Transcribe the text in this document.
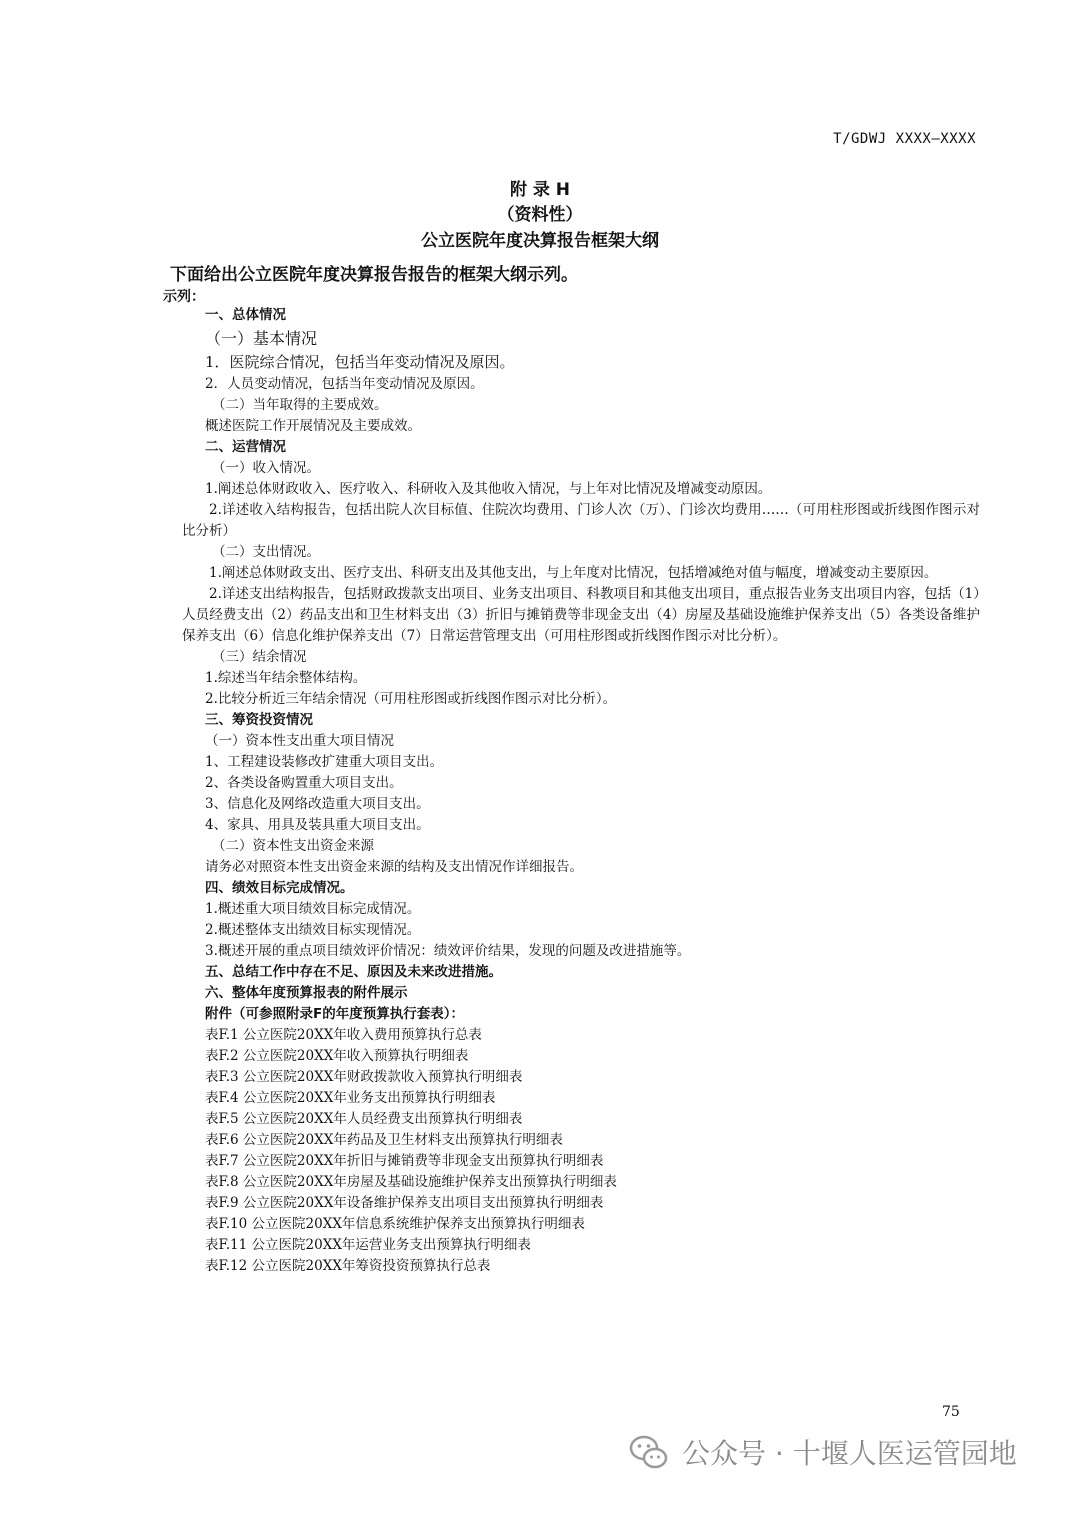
T/GDWJ XXXX—XXXX
附 录 H
（资料性）
公立医院年度决算报告框架大纲
下面给出公立医院年度决算报告报告的框架大纲示列。
示列：
一、总体情况
（一）基本情况
1．医院综合情况，包括当年变动情况及原因。
2．人员变动情况，包括当年变动情况及原因。
（二）当年取得的主要成效。
概述医院工作开展情况及主要成效。
二、运营情况
（一）收入情况。
1.阐述总体财政收入、医疗收入、科研收入及其他收入情况，与上年对比情况及增减变动原因。
2.详述收入结构报告，包括出院人次目标值、住院次均费用、门诊人次（万）、门诊次均费用……（可用柱形图或折线图作图示对比分析）
（二）支出情况。
1.阐述总体财政支出、医疗支出、科研支出及其他支出，与上年度对比情况，包括增减绝对值与幅度，增减变动主要原因。
2.详述支出结构报告，包括财政拨款支出项目、业务支出项目、科教项目和其他支出项目，重点报告业务支出项目内容，包括（1）人员经费支出（2）药品支出和卫生材料支出（3）折旧与摊销费等非现金支出（4）房屋及基础设施维护保养支出（5）各类设备维护保养支出（6）信息化维护保养支出（7）日常运营管理支出（可用柱形图或折线图作图示对比分析）。
（三）结余情况
1.综述当年结余整体结构。
2.比较分析近三年结余情况（可用柱形图或折线图作图示对比分析）。
三、筹资投资情况
（一）资本性支出重大项目情况
1、工程建设装修改扩建重大项目支出。
2、各类设备购置重大项目支出。
3、信息化及网络改造重大项目支出。
4、家具、用具及装具重大项目支出。
（二）资本性支出资金来源
请务必对照资本性支出资金来源的结构及支出情况作详细报告。
四、绩效目标完成情况。
1.概述重大项目绩效目标完成情况。
2.概述整体支出绩效目标实现情况。
3.概述开展的重点项目绩效评价情况：绩效评价结果，发现的问题及改进措施等。
五、总结工作中存在不足、原因及未来改进措施。
六、整体年度预算报表的附件展示
附件（可参照附录F的年度预算执行套表）：
表F.1 公立医院20XX年收入费用预算执行总表
表F.2 公立医院20XX年收入预算执行明细表
表F.3 公立医院20XX年财政拨款收入预算执行明细表
表F.4 公立医院20XX年业务支出预算执行明细表
表F.5 公立医院20XX年人员经费支出预算执行明细表
表F.6 公立医院20XX年药品及卫生材料支出预算执行明细表
表F.7 公立医院20XX年折旧与摊销费等非现金支出预算执行明细表
表F.8 公立医院20XX年房屋及基础设施维护保养支出预算执行明细表
表F.9 公立医院20XX年设备维护保养支出项目支出预算执行明细表
表F.10 公立医院20XX年信息系统维护保养支出预算执行明细表
表F.11 公立医院20XX年运营业务支出预算执行明细表
表F.12 公立医院20XX年筹资投资预算执行总表
75
公众号 · 十堰人医运管园地
